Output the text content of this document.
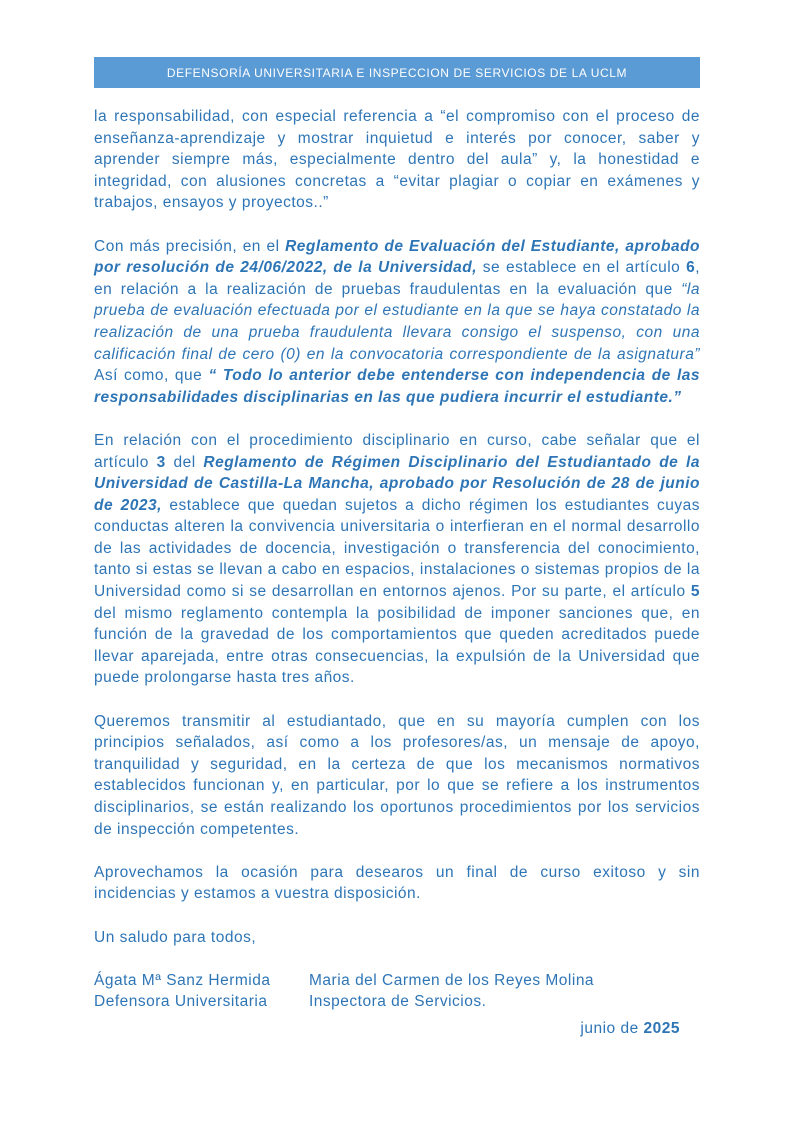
DEFENSORÍA UNIVERSITARIA E INSPECCION DE SERVICIOS DE LA UCLM

la responsabilidad, con especial referencia a “el compromiso con el proceso de enseñanza-aprendizaje y mostrar inquietud e interés por conocer, saber y aprender siempre más, especialmente dentro del aula” y, la honestidad e integridad, con alusiones concretas a “evitar plagiar o copiar en exámenes y trabajos, ensayos y proyectos..”

Con más precisión, en el Reglamento de Evaluación del Estudiante, aprobado por resolución de 24/06/2022, de la Universidad, se establece en el artículo 6, en relación a la realización de pruebas fraudulentas en la evaluación que “la prueba de evaluación efectuada por el estudiante en la que se haya constatado la realización de una prueba fraudulenta llevara consigo el suspenso, con una calificación final de cero (0) en la convocatoria correspondiente de la asignatura” Así como, que “ Todo lo anterior debe entenderse con independencia de las responsabilidades disciplinarias en las que pudiera incurrir el estudiante.”

En relación con el procedimiento disciplinario en curso, cabe señalar que el artículo 3 del Reglamento de Régimen Disciplinario del Estudiantado de la Universidad de Castilla-La Mancha, aprobado por Resolución de 28 de junio de 2023, establece que quedan sujetos a dicho régimen los estudiantes cuyas conductas alteren la convivencia universitaria o interfieran en el normal desarrollo de las actividades de docencia, investigación o transferencia del conocimiento, tanto si estas se llevan a cabo en espacios, instalaciones o sistemas propios de la Universidad como si se desarrollan en entornos ajenos. Por su parte, el artículo 5 del mismo reglamento contempla la posibilidad de imponer sanciones que, en función de la gravedad de los comportamientos que queden acreditados puede llevar aparejada, entre otras consecuencias, la expulsión de la Universidad que puede prolongarse hasta tres años.

Queremos transmitir al estudiantado, que en su mayoría cumplen con los principios señalados, así como a los profesores/as, un mensaje de apoyo, tranquilidad y seguridad, en la certeza de que los mecanismos normativos establecidos funcionan y, en particular, por lo que se refiere a los instrumentos disciplinarios, se están realizando los oportunos procedimientos por los servicios de inspección competentes.

Aprovechamos la ocasión para desearos un final de curso exitoso y sin incidencias y estamos a vuestra disposición.

Un saludo para todos,

Ágata Mª Sanz Hermida
Defensora Universitaria
Maria del Carmen de los Reyes Molina
Inspectora de Servicios.
junio de 2025
